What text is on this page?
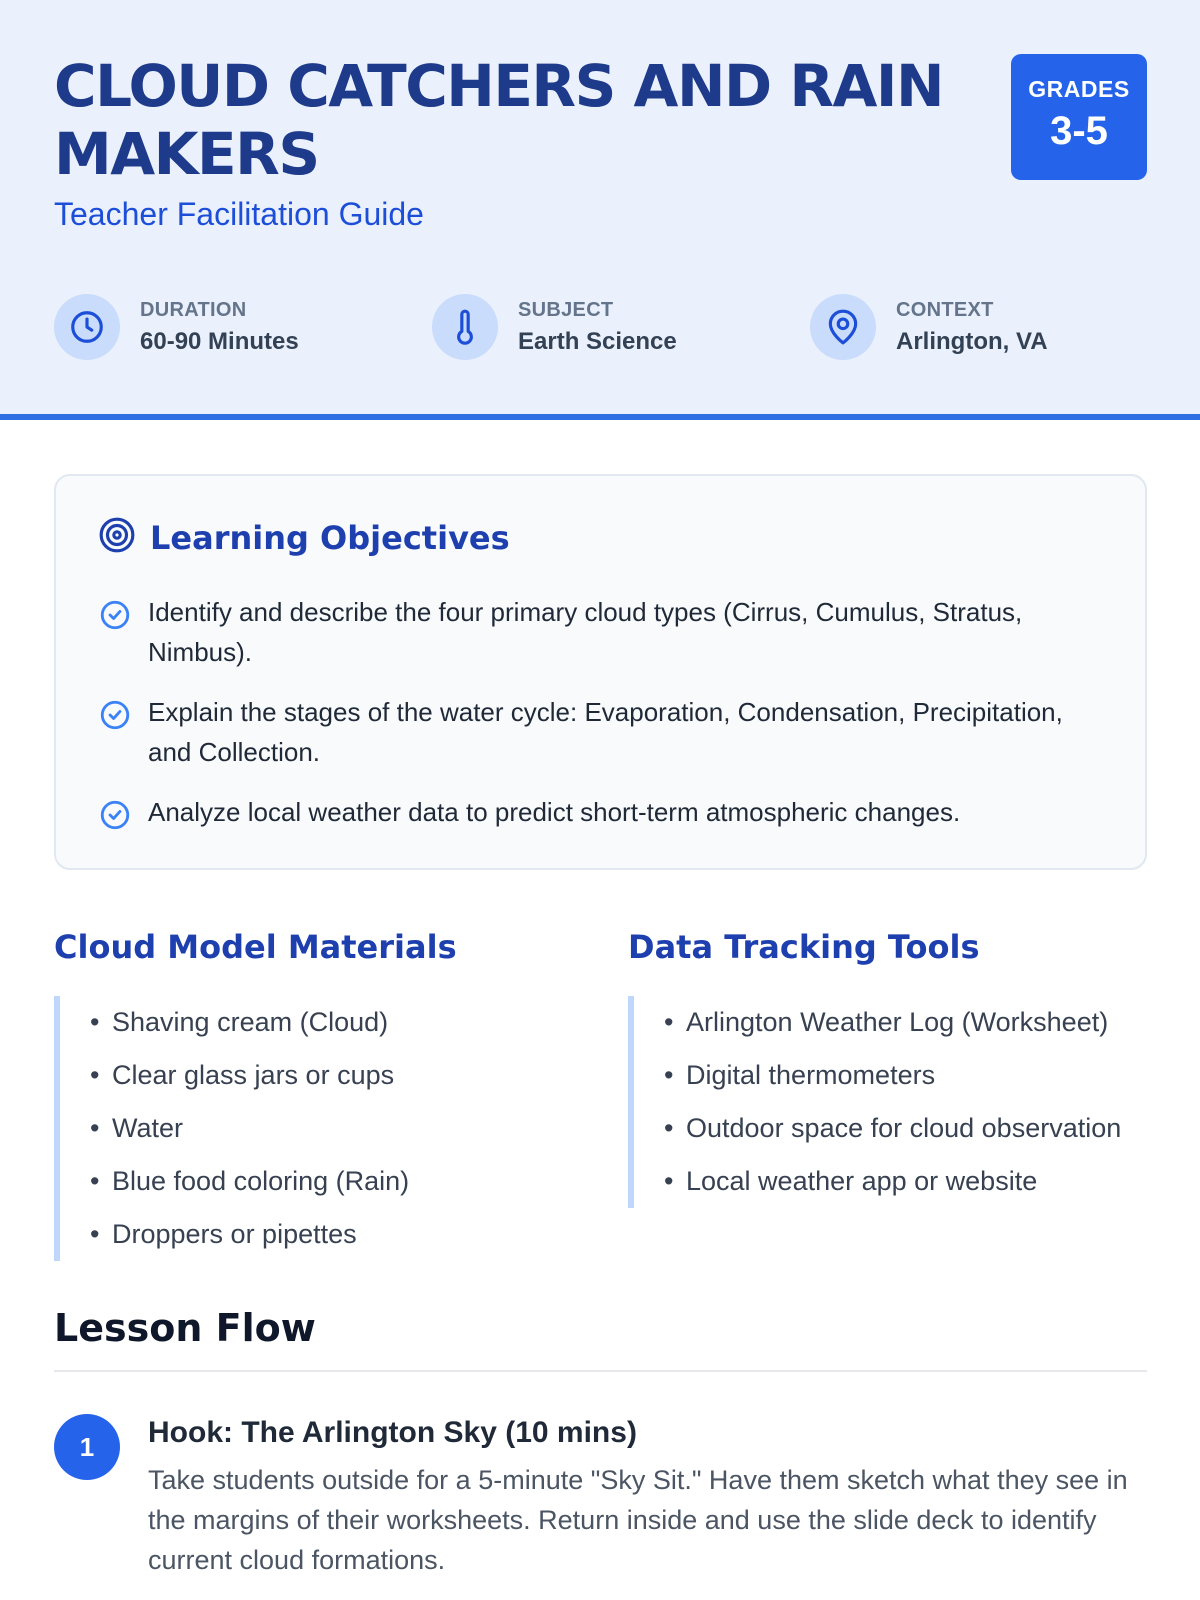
CLOUD CATCHERS AND RAIN MAKERS
Teacher Facilitation Guide
GRADES
3-5
DURATION
60-90 Minutes
SUBJECT
Earth Science
CONTEXT
Arlington, VA
Learning Objectives
Identify and describe the four primary cloud types (Cirrus, Cumulus, Stratus, Nimbus).
Explain the stages of the water cycle: Evaporation, Condensation, Precipitation, and Collection.
Analyze local weather data to predict short-term atmospheric changes.
Cloud Model Materials
• Shaving cream (Cloud)
• Clear glass jars or cups
• Water
• Blue food coloring (Rain)
• Droppers or pipettes
Data Tracking Tools
• Arlington Weather Log (Worksheet)
• Digital thermometers
• Outdoor space for cloud observation
• Local weather app or website
Lesson Flow
1	Hook: The Arlington Sky (10 mins)

Take students outside for a 5-minute "Sky Sit." Have them sketch what they see in the margins of their worksheets. Return inside and use the slide deck to identify current cloud formations.
